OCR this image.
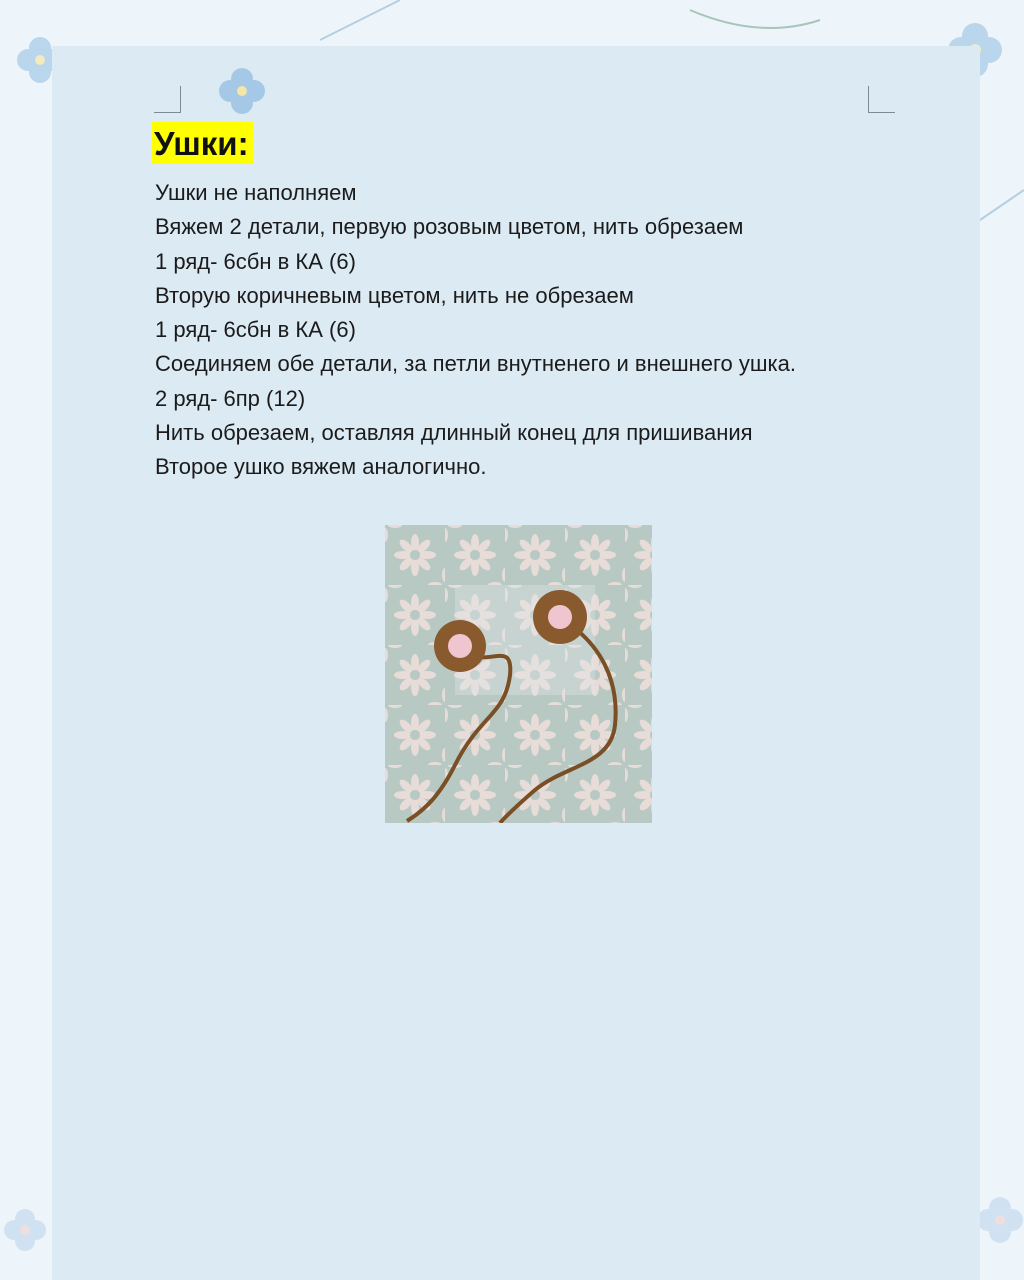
Ушки:
Ушки не наполняем
Вяжем 2 детали, первую розовым цветом, нить обрезаем
1 ряд- 6сбн в КА (6)
Вторую коричневым цветом, нить не обрезаем
1 ряд- 6сбн в КА (6)
Соединяем обе детали, за петли внутненего и внешнего ушка.
2 ряд- 6пр (12)
Нить обрезаем, оставляя длинный конец для пришивания
Второе ушко вяжем аналогично.
